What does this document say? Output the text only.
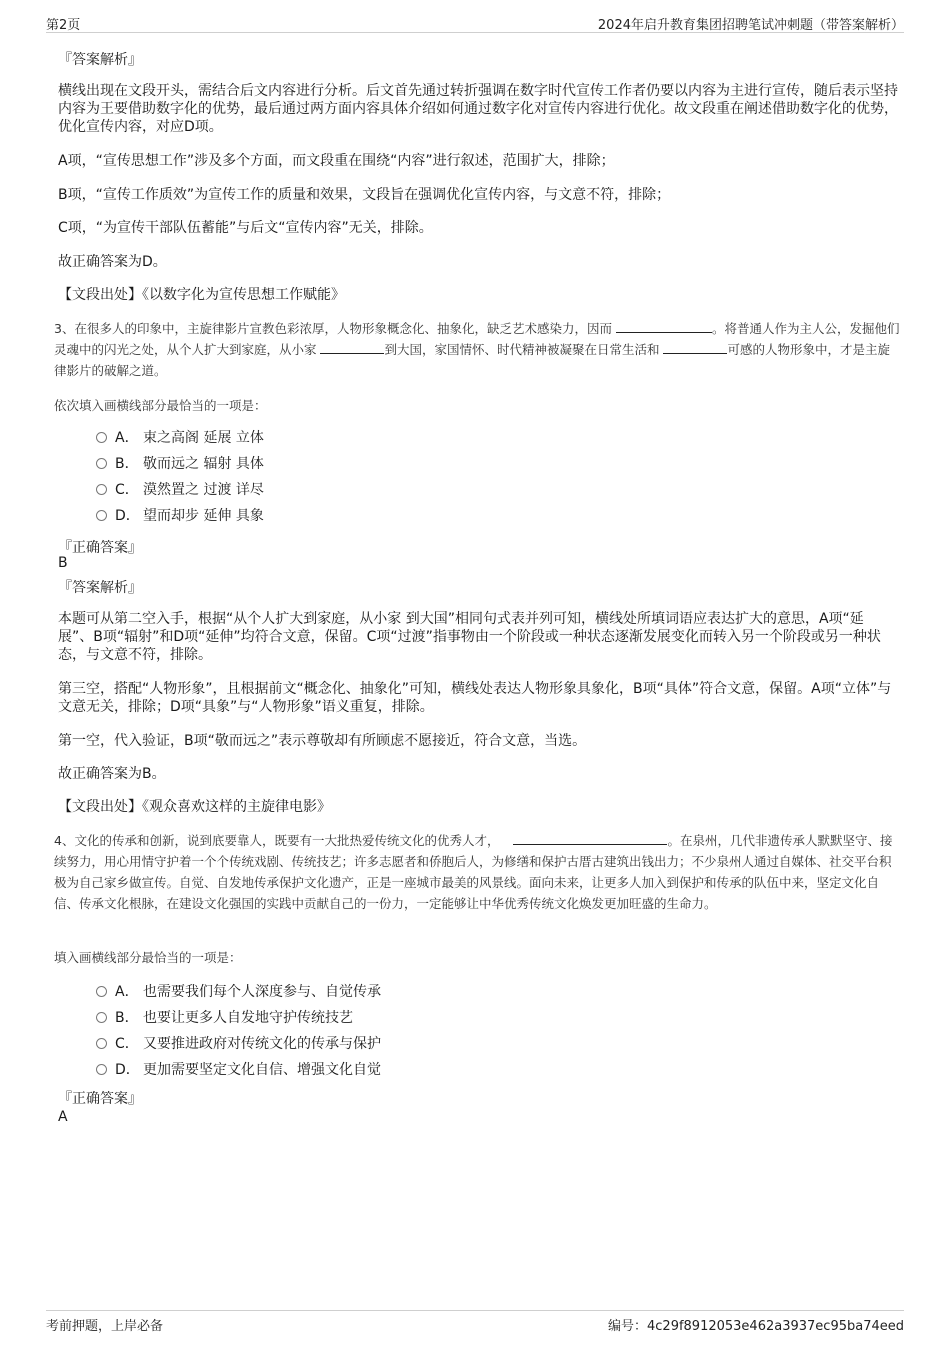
第2页	2024年启升教育集团招聘笔试冲刺题（带答案解析）
『答案解析』
横线出现在文段开头，需结合后文内容进行分析。后文首先通过转折强调在数字时代宣传工作者仍要以内容为主进行宣传，随后表示坚持内容为王要借助数字化的优势，最后通过两方面内容具体介绍如何通过数字化对宣传内容进行优化。故文段重在阐述借助数字化的优势，优化宣传内容，对应D项。
A项，“宣传思想工作”涉及多个方面，而文段重在围绕“内容”进行叙述，范围扩大，排除；
B项，“宣传工作质效”为宣传工作的质量和效果，文段旨在强调优化宣传内容，与文意不符，排除；
C项，“为宣传干部队伍蓄能”与后文“宣传内容”无关，排除。
故正确答案为D。
【文段出处】《以数字化为宣传思想工作赋能》
3、在很多人的印象中，主旋律影片宣教色彩浓厚，人物形象概念化、抽象化，缺乏艺术感染力，因而	。将普通人作为主人公，发掘他们灵魂中的闪光之处，从个人扩大到家庭，从小家	到大国，家国情怀、时代精神被凝聚在日常生活和	可感的人物形象中，才是主旋律影片的破解之道。
依次填入画横线部分最恰当的一项是：
A． 束之高阁 延展 立体
B． 敬而远之 辐射 具体
C． 漠然置之 过渡 详尽
D． 望而却步 延伸 具象
『正确答案』
B
『答案解析』
本题可从第二空入手，根据“从个人扩大到家庭，从小家 到大国”相同句式表并列可知，横线处所填词语应表达扩大的意思，A项“延展”、B项“辐射”和D项“延伸”均符合文意，保留。C项“过渡”指事物由一个阶段或一种状态逐渐发展变化而转入另一个阶段或另一种状态，与文意不符，排除。
第三空，搭配“人物形象”，且根据前文“概念化、抽象化”可知，横线处表达人物形象具象化，B项“具体”符合文意，保留。A项“立体”与文意无关，排除；D项“具象”与“人物形象”语义重复，排除。
第一空，代入验证，B项“敬而远之”表示尊敬却有所顾虑不愿接近，符合文意，当选。
故正确答案为B。
【文段出处】《观众喜欢这样的主旋律电影》
4、文化的传承和创新，说到底要靠人，既要有一大批热爱传统文化的优秀人才，	。在泉州，几代非遗传承人默默坚守、接续努力，用心用情守护着一个个传统戏剧、传统技艺；许多志愿者和侨胞后人，为修缮和保护古厝古建筑出钱出力；不少泉州人通过自媒体、社交平台积极为自己家乡做宣传。自觉、自发地传承保护文化遗产，正是一座城市最美的风景线。面向未来，让更多人加入到保护和传承的队伍中来，坚定文化自信、传承文化根脉，在建设文化强国的实践中贡献自己的一份力，一定能够让中华优秀传统文化焕发更加旺盛的生命力。
填入画横线部分最恰当的一项是：
A． 也需要我们每个人深度参与、自觉传承
B． 也要让更多人自发地守护传统技艺
C． 又要推进政府对传统文化的传承与保护
D． 更加需要坚定文化自信、增强文化自觉
『正确答案』
A
考前押题，上岸必备	编号：4c29f8912053e462a3937ec95ba74eed
